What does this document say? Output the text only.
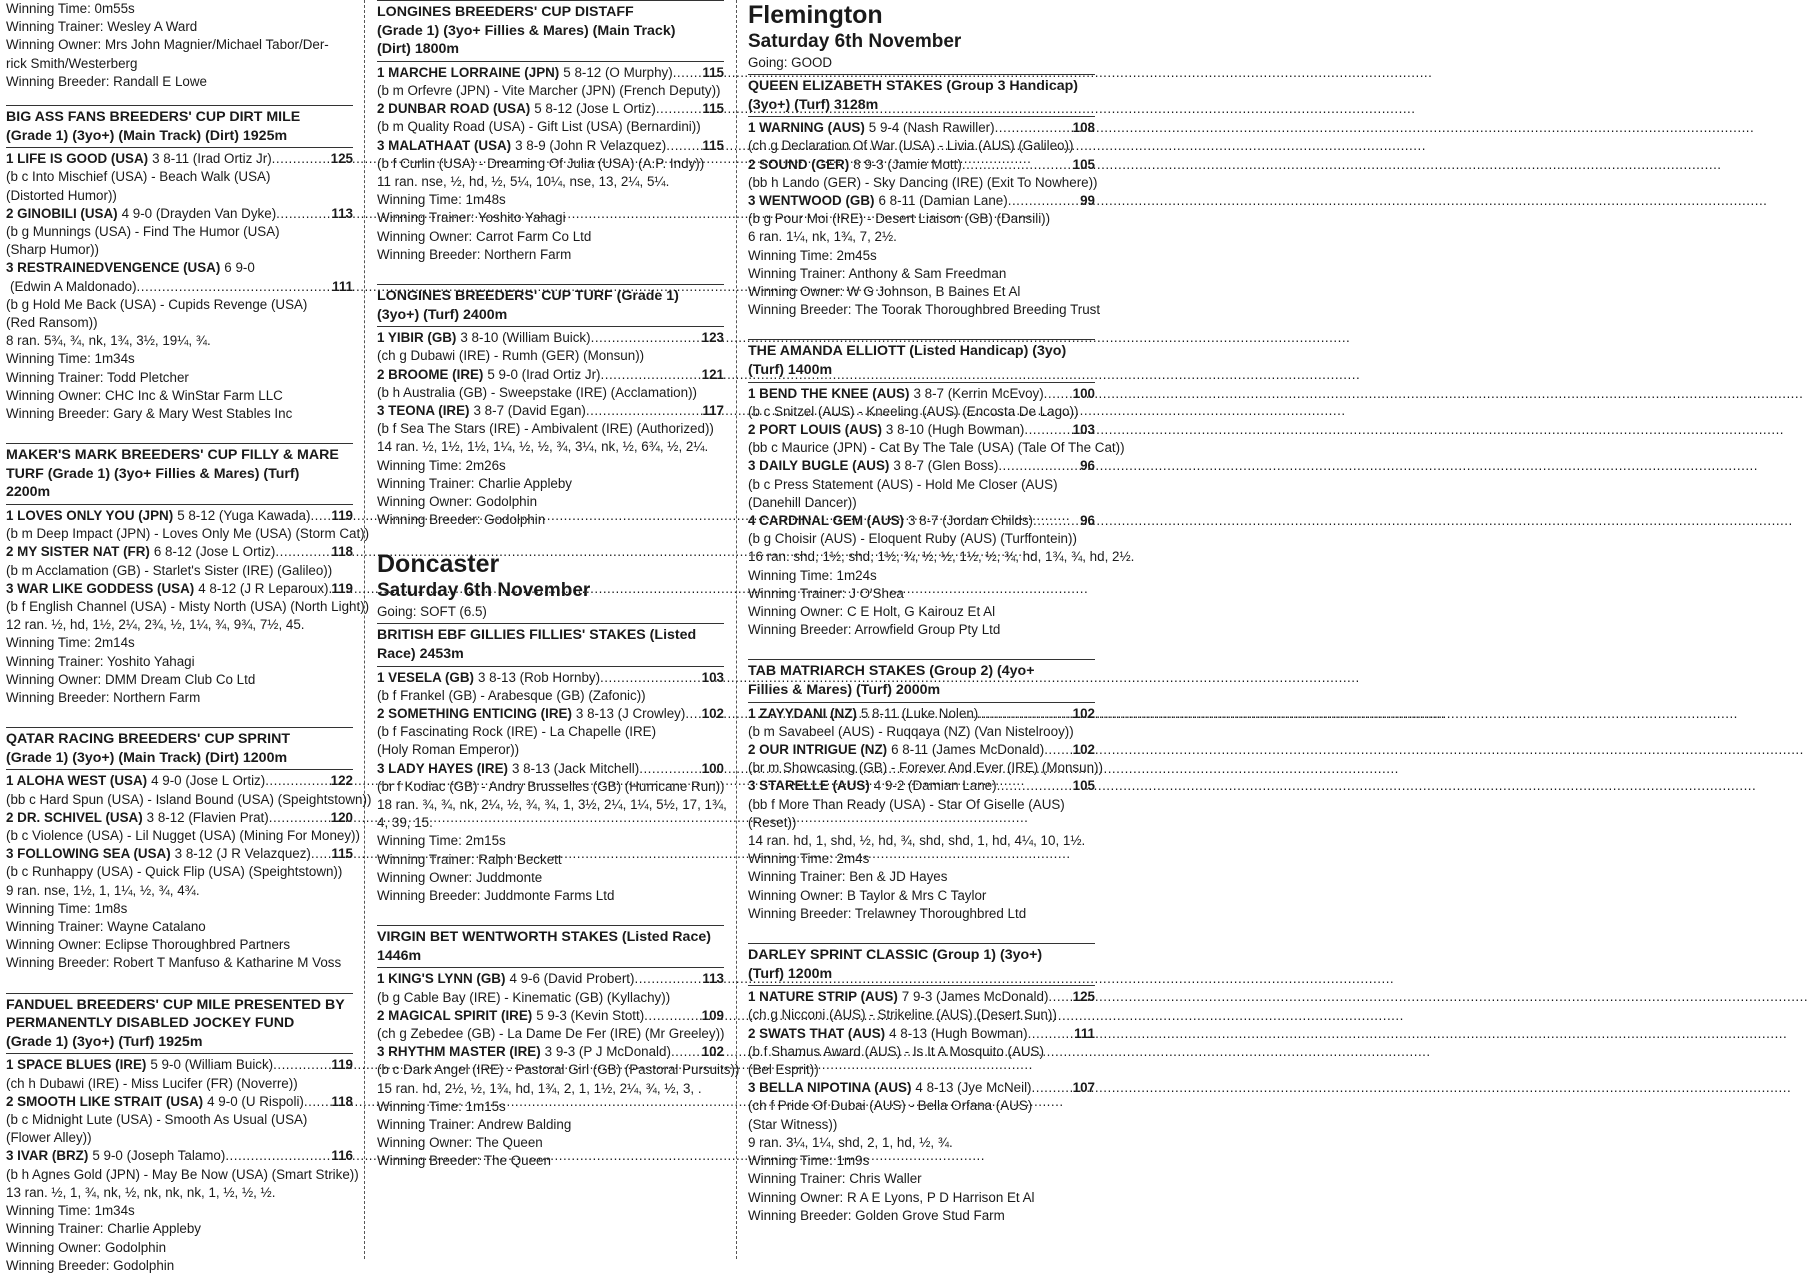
Winning Time: 0m55s
Winning Trainer: Wesley A Ward
Winning Owner: Mrs John Magnier/Michael Tabor/Der-
rick Smith/Westerberg
Winning Breeder: Randall E Lowe
BIG ASS FANS BREEDERS' CUP DIRT MILE
(Grade 1) (3yo+) (Main Track) (Dirt) 1925m
1 LIFE IS GOOD (USA) 3 8-11 (Irad Ortiz Jr) .....	125
(b c Into Mischief (USA) - Beach Walk (USA)
(Distorted Humor))
2 GINOBILI (USA) 4 9-0 (Drayden Van Dyke) .....	113
(b g Munnings (USA) - Find The Humor (USA)
(Sharp Humor))
3 RESTRAINEDVENGENCE (USA) 6 9-0
(Edwin A Maldonado) .....	111
(b g Hold Me Back (USA) - Cupids Revenge (USA)
(Red Ransom))
8 ran. 5¾, ¾, nk, 1¾, 3½, 19¼, ¾.
Winning Time: 1m34s
Winning Trainer: Todd Pletcher
Winning Owner: CHC Inc & WinStar Farm LLC
Winning Breeder: Gary & Mary West Stables Inc
MAKER'S MARK BREEDERS' CUP FILLY & MARE
TURF (Grade 1) (3yo+ Fillies & Mares) (Turf)
2200m
1 LOVES ONLY YOU (JPN) 5 8-12 (Yuga Kawada) ..... 119
(b m Deep Impact (JPN) - Loves Only Me (USA) (Storm Cat))
2 MY SISTER NAT (FR) 6 8-12 (Jose L Ortiz) .....	118
(b m Acclamation (GB) - Starlet's Sister (IRE) (Galileo))
3 WAR LIKE GODDESS (USA) 4 8-12 (J R Leparoux) ..... 119
(b f English Channel (USA) - Misty North (USA) (North Light))
12 ran. ½, hd, 1½, 2¼, 2¾, ½, 1¼, ¾, 9¾, 7½, 45.
Winning Time: 2m14s
Winning Trainer: Yoshito Yahagi
Winning Owner: DMM Dream Club Co Ltd
Winning Breeder: Northern Farm
QATAR RACING BREEDERS' CUP SPRINT
(Grade 1) (3yo+) (Main Track) (Dirt) 1200m
1 ALOHA WEST (USA) 4 9-0 (Jose L Ortiz) .....	122
(bb c Hard Spun (USA) - Island Bound (USA) (Speightstown))
2 DR. SCHIVEL (USA) 3 8-12 (Flavien Prat) .....	120
(b c Violence (USA) - Lil Nugget (USA) (Mining For Money))
3 FOLLOWING SEA (USA) 3 8-12 (J R Velazquez) ..... 115
(b c Runhappy (USA) - Quick Flip (USA) (Speightstown))
9 ran. nse, 1½, 1, 1¼, ½, ¾, 4¾.
Winning Time: 1m8s
Winning Trainer: Wayne Catalano
Winning Owner: Eclipse Thoroughbred Partners
Winning Breeder: Robert T Manfuso & Katharine M Voss
FANDUEL BREEDERS' CUP MILE PRESENTED BY
PERMANENTLY DISABLED JOCKEY FUND
(Grade 1) (3yo+) (Turf) 1925m
1 SPACE BLUES (IRE) 5 9-0 (William Buick) .....	119
(ch h Dubawi (IRE) - Miss Lucifer (FR) (Noverre))
2 SMOOTH LIKE STRAIT (USA) 4 9-0 (U Rispoli) ..... 118
(b c Midnight Lute (USA) - Smooth As Usual (USA)
(Flower Alley))
3 IVAR (BRZ) 5 9-0 (Joseph Talamo) .....	116
(b h Agnes Gold (JPN) - May Be Now (USA) (Smart Strike))
13 ran. ½, 1, ¾, nk, ½, nk, nk, nk, 1, ½, ½, ½.
Winning Time: 1m34s
Winning Trainer: Charlie Appleby
Winning Owner: Godolphin
Winning Breeder: Godolphin
LONGINES BREEDERS' CUP DISTAFF
(Grade 1) (3yo+ Fillies & Mares) (Main Track)
(Dirt) 1800m
1 MARCHE LORRAINE (JPN) 5 8-12 (O Murphy) ..... 115
(b m Orfevre (JPN) - Vite Marcher (JPN) (French Deputy))
2 DUNBAR ROAD (USA) 5 8-12 (Jose L Ortiz) .....	115
(b m Quality Road (USA) - Gift List (USA) (Bernardini))
3 MALATHAAT (USA) 3 8-9 (John R Velazquez) .....	115
(b f Curlin (USA) - Dreaming Of Julia (USA) (A.P. Indy))
11 ran. nse, ½, hd, ½, 5¼, 10¼, nse, 13, 2¼, 5¼.
Winning Time: 1m48s
Winning Trainer: Yoshito Yahagi
Winning Owner: Carrot Farm Co Ltd
Winning Breeder: Northern Farm
LONGINES BREEDERS' CUP TURF (Grade 1)
(3yo+) (Turf) 2400m
1 YIBIR (GB) 3 8-10 (William Buick) .....	123
(ch g Dubawi (IRE) - Rumh (GER) (Monsun))
2 BROOME (IRE) 5 9-0 (Irad Ortiz Jr) .....	121
(b h Australia (GB) - Sweepstake (IRE) (Acclamation))
3 TEONA (IRE) 3 8-7 (David Egan) .....	117
(b f Sea The Stars (IRE) - Ambivalent (IRE) (Authorized))
14 ran. ½, 1½, 1½, 1¼, ½, ½, ¾, 3¼, nk, ½, 6¾, ½, 2¼.
Winning Time: 2m26s
Winning Trainer: Charlie Appleby
Winning Owner: Godolphin
Winning Breeder: Godolphin
Doncaster
Saturday 6th November
Going: SOFT (6.5)
BRITISH EBF GILLIES FILLIES' STAKES (Listed
Race) 2453m
1 VESELA (GB) 3 8-13 (Rob Hornby) .....	103
(b f Frankel (GB) - Arabesque (GB) (Zafonic))
2 SOMETHING ENTICING (IRE) 3 8-13 (J Crowley) ..... 102
(b f Fascinating Rock (IRE) - La Chapelle (IRE)
(Holy Roman Emperor))
3 LADY HAYES (IRE) 3 8-13 (Jack Mitchell) .....	100
(br f Kodiac (GB) - Andry Brusselles (GB) (Hurricane Run))
18 ran. ¾, ¾, nk, 2¼, ½, ¾, ¾, 1, 3½, 2¼, 1¼, 5½, 17, 1¾,
4, 39, 15.
Winning Time: 2m15s
Winning Trainer: Ralph Beckett
Winning Owner: Juddmonte
Winning Breeder: Juddmonte Farms Ltd
VIRGIN BET WENTWORTH STAKES (Listed Race)
1446m
1 KING'S LYNN (GB) 4 9-6 (David Probert) .....	113
(b g Cable Bay (IRE) - Kinematic (GB) (Kyllachy))
2 MAGICAL SPIRIT (IRE) 5 9-3 (Kevin Stott) .....	109
(ch g Zebedee (GB) - La Dame De Fer (IRE) (Mr Greeley))
3 RHYTHM MASTER (IRE) 3 9-3 (P J McDonald) ..... 102
(b c Dark Angel (IRE) - Pastoral Girl (GB) (Pastoral Pursuits))
15 ran. hd, 2½, ½, 1¾, hd, 1¾, 2, 1, 1½, 2¼, ¾, ½, 3, .
Winning Time: 1m15s
Winning Trainer: Andrew Balding
Winning Owner: The Queen
Winning Breeder: The Queen
Flemington
Saturday 6th November
Going: GOOD
QUEEN ELIZABETH STAKES (Group 3 Handicap)
(3yo+) (Turf) 3128m
1 WARNING (AUS) 5 9-4 (Nash Rawiller) .....	108
(ch g Declaration Of War (USA) - Livia (AUS) (Galileo))
2 SOUND (GER) 8 9-3 (Jamie Mott) .....	105
(bb h Lando (GER) - Sky Dancing (IRE) (Exit To Nowhere))
3 WENTWOOD (GB) 6 8-11 (Damian Lane) .....	99
(b g Pour Moi (IRE) - Desert Liaison (GB) (Dansili))
6 ran. 1¼, nk, 1¾, 7, 2½.
Winning Time: 2m45s
Winning Trainer: Anthony & Sam Freedman
Winning Owner: W G Johnson, B Baines Et Al
Winning Breeder: The Toorak Thoroughbred Breeding Trust
THE AMANDA ELLIOTT (Listed Handicap) (3yo)
(Turf) 1400m
1 BEND THE KNEE (AUS) 3 8-7 (Kerrin McEvoy) ..... 100
(b c Snitzel (AUS) - Kneeling (AUS) (Encosta De Lago))
2 PORT LOUIS (AUS) 3 8-10 (Hugh Bowman) .....	103
(bb c Maurice (JPN) - Cat By The Tale (USA) (Tale Of The Cat))
3 DAILY BUGLE (AUS) 3 8-7 (Glen Boss) .....	96
(b c Press Statement (AUS) - Hold Me Closer (AUS)
(Danehill Dancer))
4 CARDINAL GEM (AUS) 3 8-7 (Jordan Childs) .....	96
(b g Choisir (AUS) - Eloquent Ruby (AUS) (Turffontein))
16 ran. shd, 1½, shd, 1½, ¾, ½, ½, 1½, ½, ¾, hd, 1¾, ¾, hd, 2½.
Winning Time: 1m24s
Winning Trainer: J O'Shea
Winning Owner: C E Holt, G Kairouz Et Al
Winning Breeder: Arrowfield Group Pty Ltd
TAB MATRIARCH STAKES (Group 2) (4yo+
Fillies & Mares) (Turf) 2000m
1 ZAYYDANI (NZ) 5 8-11 (Luke Nolen) .....	102
(b m Savabeel (AUS) - Ruqqaya (NZ) (Van Nistelrooy))
2 OUR INTRIGUE (NZ) 6 8-11 (James McDonald) ..... 102
(br m Showcasing (GB) - Forever And Ever (IRE) (Monsun))
3 STARELLE (AUS) 4 9-2 (Damian Lane) .....	105
(bb f More Than Ready (USA) - Star Of Giselle (AUS)
(Reset))
14 ran. hd, 1, shd, ½, hd, ¾, shd, shd, 1, hd, 4¼, 10, 1½.
Winning Time: 2m4s
Winning Trainer: Ben & JD Hayes
Winning Owner: B Taylor & Mrs C Taylor
Winning Breeder: Trelawney Thoroughbred Ltd
DARLEY SPRINT CLASSIC (Group 1) (3yo+)
(Turf) 1200m
1 NATURE STRIP (AUS) 7 9-3 (James McDonald) ..... 125
(ch g Nicconi (AUS) - Strikeline (AUS) (Desert Sun))
2 SWATS THAT (AUS) 4 8-13 (Hugh Bowman) .....	111
(b f Shamus Award (AUS) - Is It A Mosquito (AUS)
(Bel Esprit))
3 BELLA NIPOTINA (AUS) 4 8-13 (Jye McNeil) .....	107
(ch f Pride Of Dubai (AUS) - Bella Orfana (AUS)
(Star Witness))
9 ran. 3¼, 1¼, shd, 2, 1, hd, ½, ¾.
Winning Time: 1m9s
Winning Trainer: Chris Waller
Winning Owner: R A E Lyons, P D Harrison Et Al
Winning Breeder: Golden Grove Stud Farm
